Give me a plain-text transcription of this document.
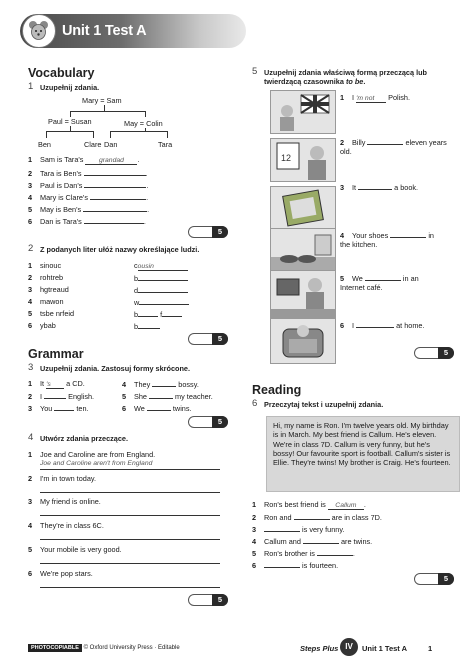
Unit 1 Test A
Vocabulary
1 Uzupełnij zdania.
Mary = Sam
Paul = Susan	May = Colin
Ben	Clare Dan	Tara
1 Sam is Tara's grandad .
2 Tara is Ben's	.
3 Paul is Dan's	.
4 Mary is Clare's	.
5 May is Ben's	.
6 Dan is Tara's	.
5
2 Z podanych liter ułóż nazwy określające ludzi.
1 sinouc	cousin
2 rohtreb	b
3 hgtreaud	d
4 mawon	w
5 tsbe nrfeid	b	f
6 ybab	b
5
Grammar
3 Uzupełnij zdania. Zastosuj formy skrócone.
1 It 's a CD.
2 I	English.
3 You	ten.
4 They	bossy.
5 She	my teacher.
6 We	twins.
5
4 Utwórz zdania przeczące.
1 Joe and Caroline are from England.
Joe and Caroline aren't from England
2 I'm in town today.
3 My friend is online.
4 They're in class 6C.
5 Your mobile is very good.
6 We're pop stars.
5
5 Uzupełnij zdania właściwą formą przeczącą lub twierdzącą czasownika to be.
12
1 I 'm not Polish.
2 Billy	eleven years old.
3 It	a book.
4 Your shoes	in the kitchen.
5 We	in an Internet café.
6 I	at home.
5
Reading
6 Przeczytaj tekst i uzupełnij zdania.
Hi, my name is Ron. I'm twelve years old. My birthday is in March. My best friend is Callum. He's eleven. We're in class 7D. Callum is very funny, but he's bossy! Our favourite sport is football. Callum's sister is Ellie. They're twins! My brother is Craig. He's fourteen.
1 Ron's best friend is Callum .
2 Ron and	are in class 7D.
3	is very funny.
4 Callum and	are twins.
5 Ron's brother is	.
6	is fourteen.
5
PHOTOCOPIABLE © Oxford University Press · Editable	Steps Plus IV	Unit 1 Test A	1
